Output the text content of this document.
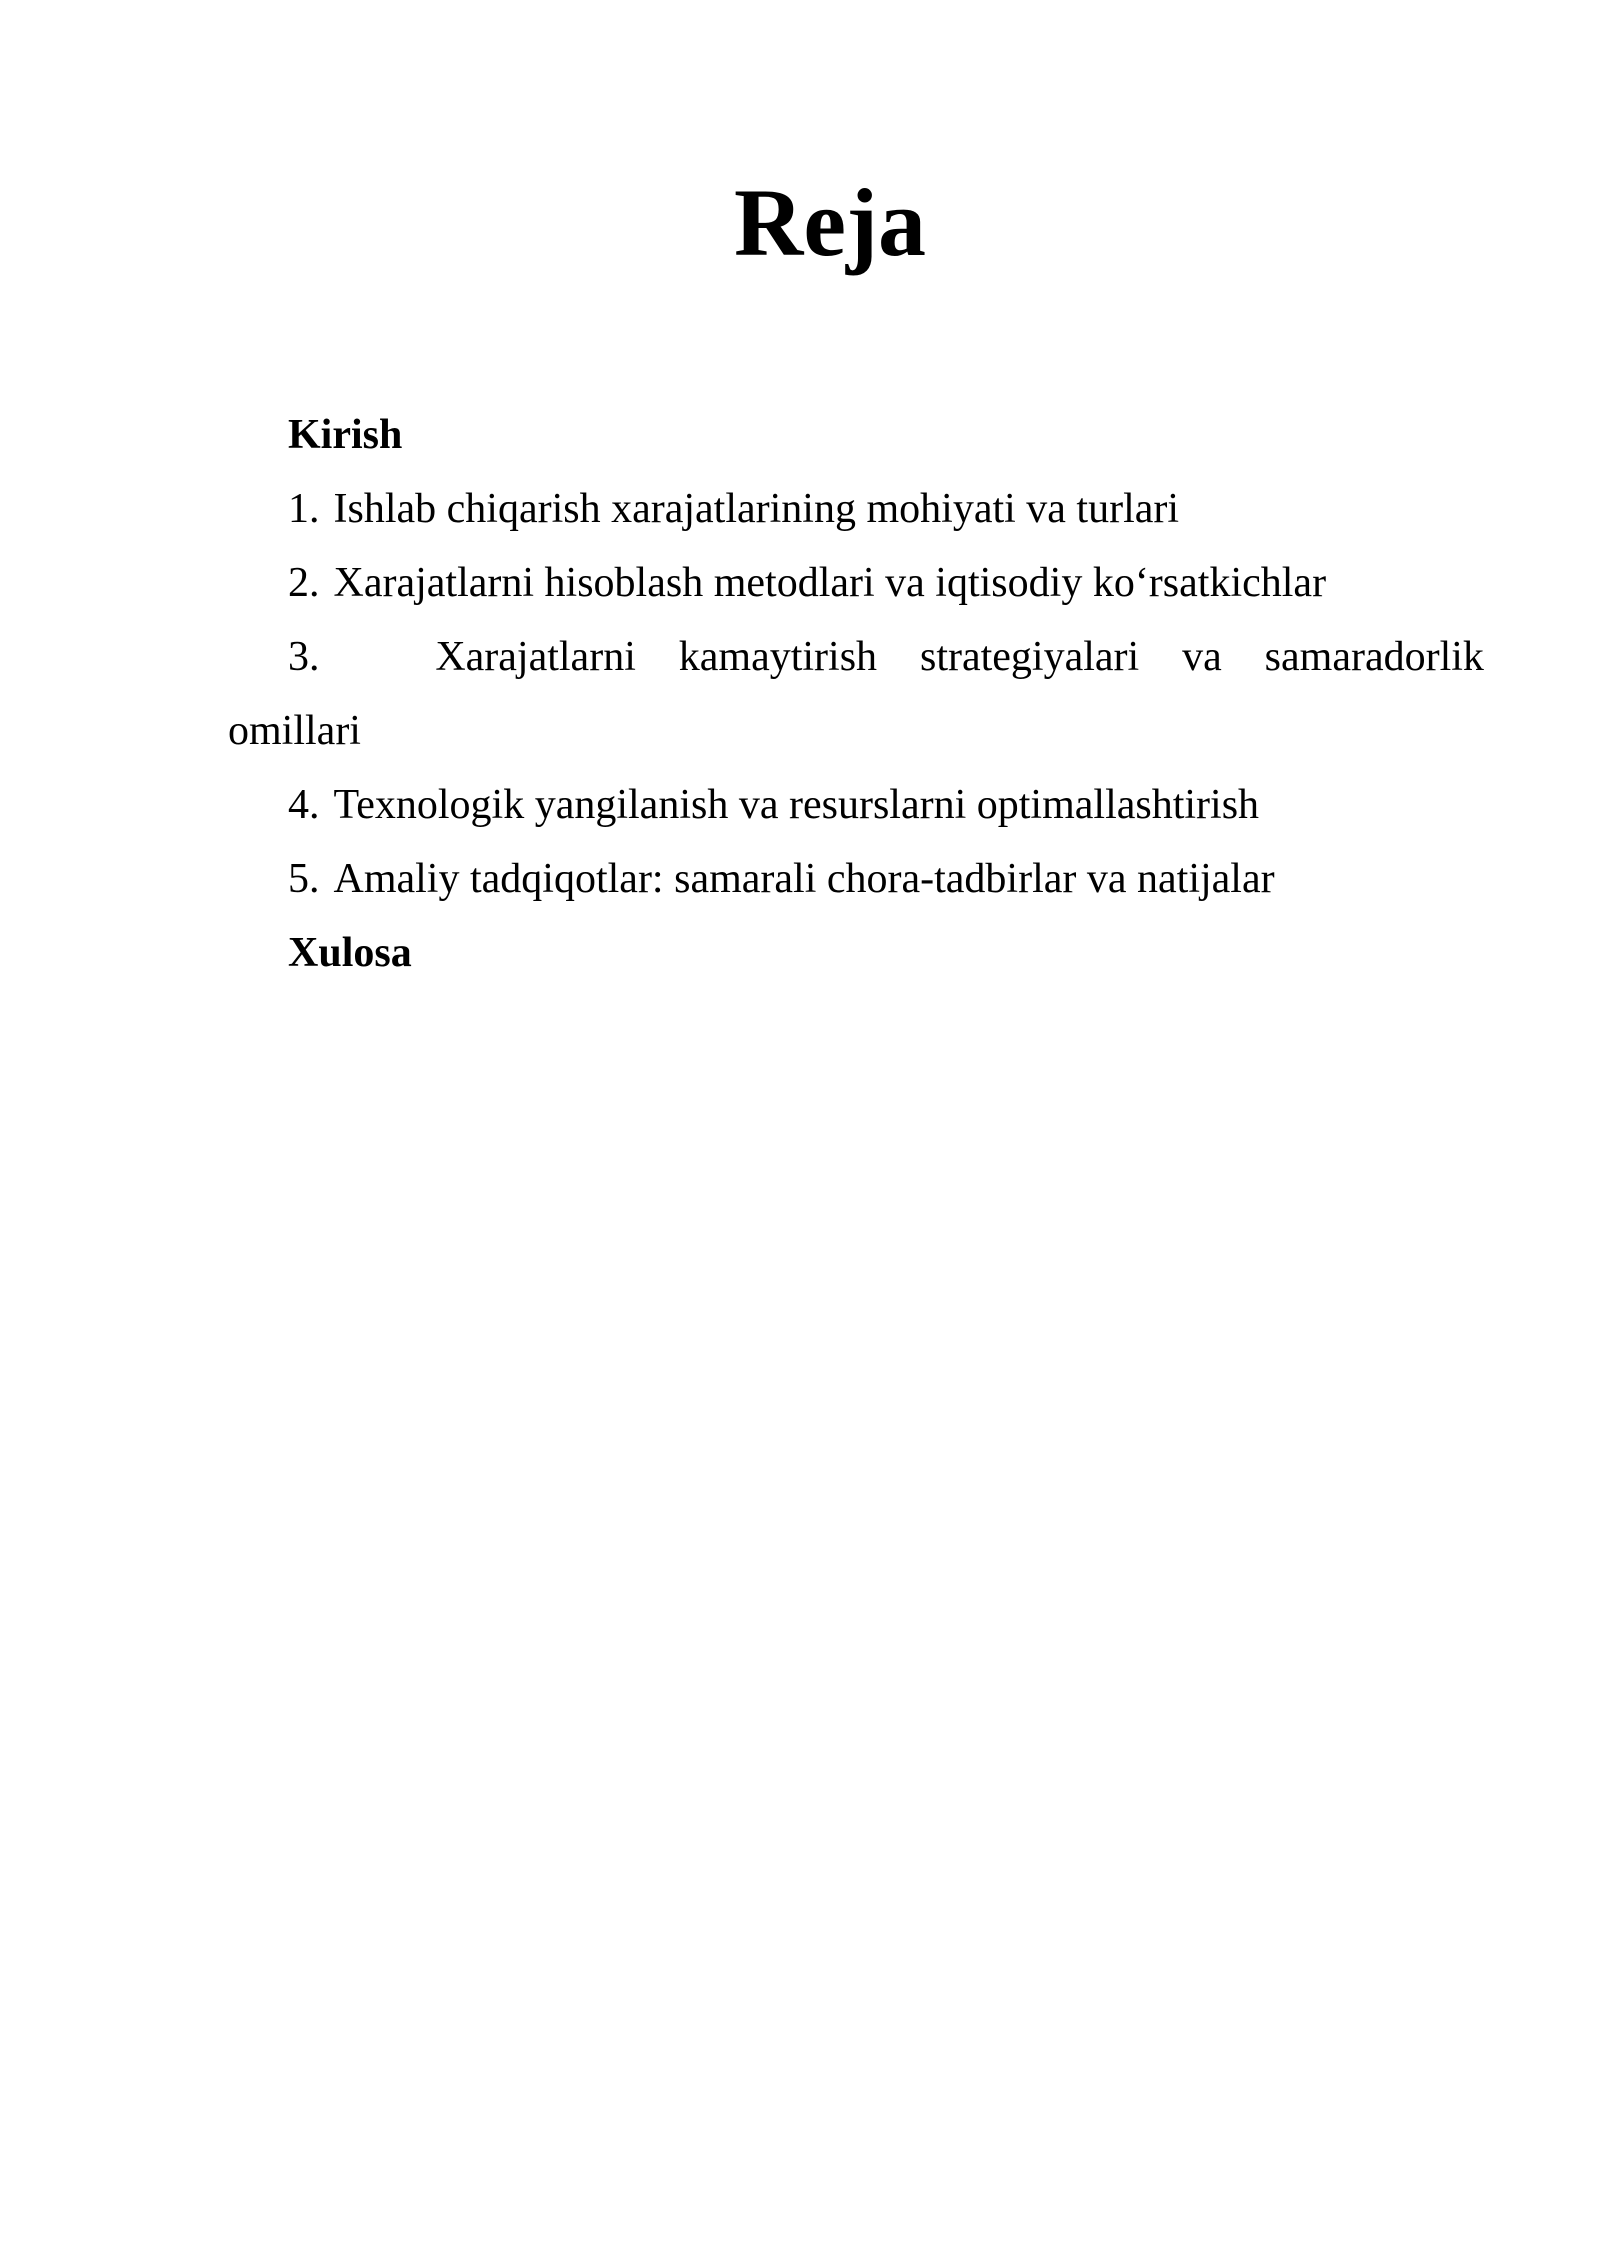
Reja

Kirish

1. Ishlab chiqarish xarajatlarining mohiyati va turlari

2. Xarajatlarni hisoblash metodlari va iqtisodiy ko‘rsatkichlar

3.	Xarajatlarni kamaytirish strategiyalari va samaradorlik

omillari

4. Texnologik yangilanish va resurslarni optimallashtirish

5. Amaliy tadqiqotlar: samarali chora-tadbirlar va natijalar

Xulosa
